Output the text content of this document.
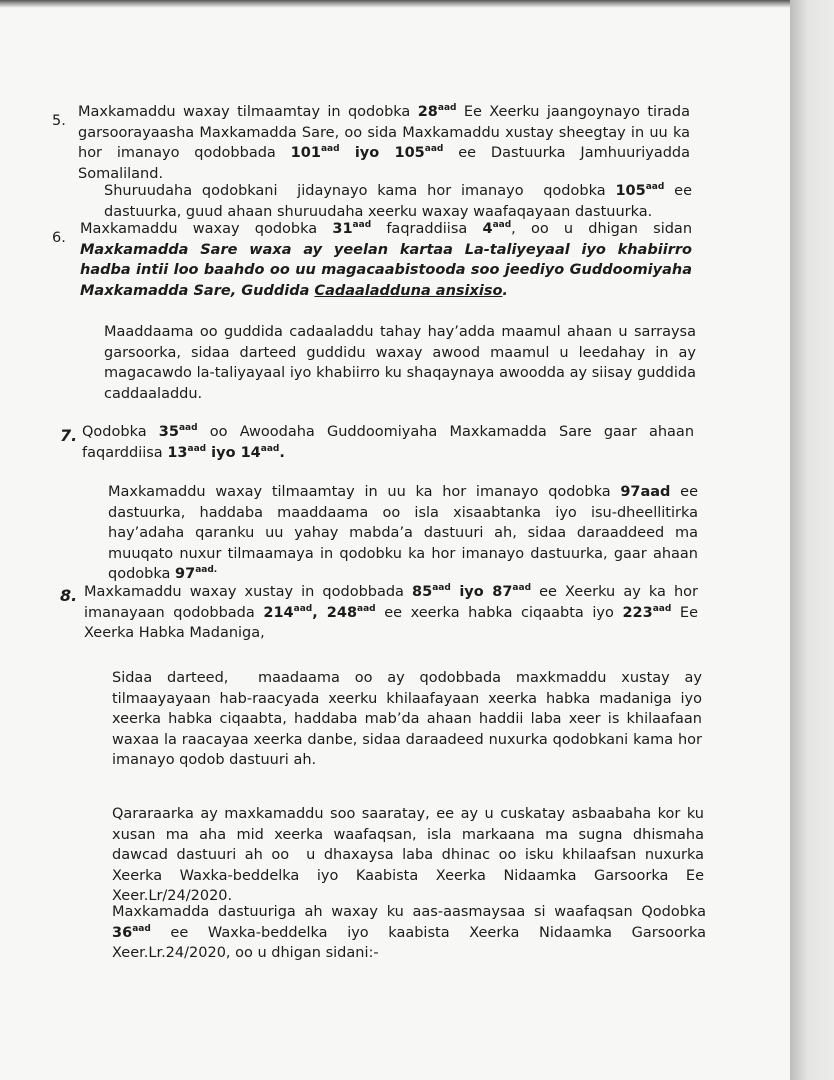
5.
Maxkamaddu waxay tilmaamtay in qodobka $28^{aad}$ Ee Xeerku jaangoynayo tirada garsoorayaasha Maxkamadda Sare, oo sida Maxkamaddu xustay sheegtay in uu ka hor imanayo qodobbada $101^{aad}$ iyo $105^{aad}$ ee Dastuurka Jamhuuriyadda Somaliland.
Shuruudaha qodobkani  jidaynayo kama hor imanayo  qodobka $105^{aad}$ ee dastuurka, guud ahaan shuruudaha xeerku waxay waafaqayaan dastuurka.
6.
Maxkamaddu waxay qodobka $31^{aad}$ faqraddiisa $4^{aad}$, oo u dhigan sidan Maxkamadda Sare waxa ay yeelan kartaa La-taliyeyaal iyo khabiirro hadba intii loo baahdo oo uu magacaabistooda soo jeediyo Guddoomiyaha Maxkamadda Sare, Guddida Cadaaladduna ansixiso.
Maaddaama oo guddida cadaaladdu tahay hay’adda maamul ahaan u sarraysa garsoorka, sidaa darteed guddidu waxay awood maamul u leedahay in ay magacawdo la-taliyayaal iyo khabiirro ku shaqaynaya awoodda ay siisay guddida caddaaladdu.
7. Qodobka $35^{aad}$ oo Awoodaha Guddoomiyaha Maxkamadda Sare gaar ahaan faqarddiisa $13^{aad}$ iyo $14^{aad}$.
Maxkamaddu waxay tilmaamtay in uu ka hor imanayo qodobka 97aad ee dastuurka, haddaba maaddaama oo isla xisaabtanka iyo isu-dheellitirka hay’adaha qaranku uu yahay mabda’a dastuuri ah, sidaa daraaddeed ma muuqato nuxur tilmaamaya in qodobku ka hor imanayo dastuurka, gaar ahaan qodobka $97^{aad.}$
8. Maxkamaddu waxay xustay in qodobbada $85^{aad}$ iyo $87^{aad}$ ee Xeerku ay ka hor imanayaan qodobbada $214^{aad}$, $248^{aad}$ ee xeerka habka ciqaabta iyo $223^{aad}$ Ee Xeerka Habka Madaniga,
Sidaa darteed,  maadaama oo ay qodobbada maxkmaddu xustay ay tilmaayayaan hab-raacyada xeerku khilaafayaan xeerka habka madaniga iyo xeerka habka ciqaabta, haddaba mab’da ahaan haddii laba xeer is khilaafaan waxaa la raacayaa xeerka danbe, sidaa daraadeed nuxurka qodobkani kama hor imanayo qodob dastuuri ah.
Qararaarka ay maxkamaddu soo saaratay, ee ay u cuskatay asbaabaha kor ku xusan ma aha mid xeerka waafaqsan, isla markaana ma sugna dhismaha dawcad dastuuri ah oo  u dhaxaysa laba dhinac oo isku khilaafsan nuxurka Xeerka Waxka-beddelka iyo Kaabista Xeerka Nidaamka Garsoorka Ee Xeer.Lr/24/2020.
Maxkamadda dastuuriga ah waxay ku aas-aasmaysaa si waafaqsan Qodobka $36^{aad}$ ee Waxka-beddelka iyo kaabista Xeerka Nidaamka Garsoorka Xeer.Lr.24/2020, oo u dhigan sidani:-
